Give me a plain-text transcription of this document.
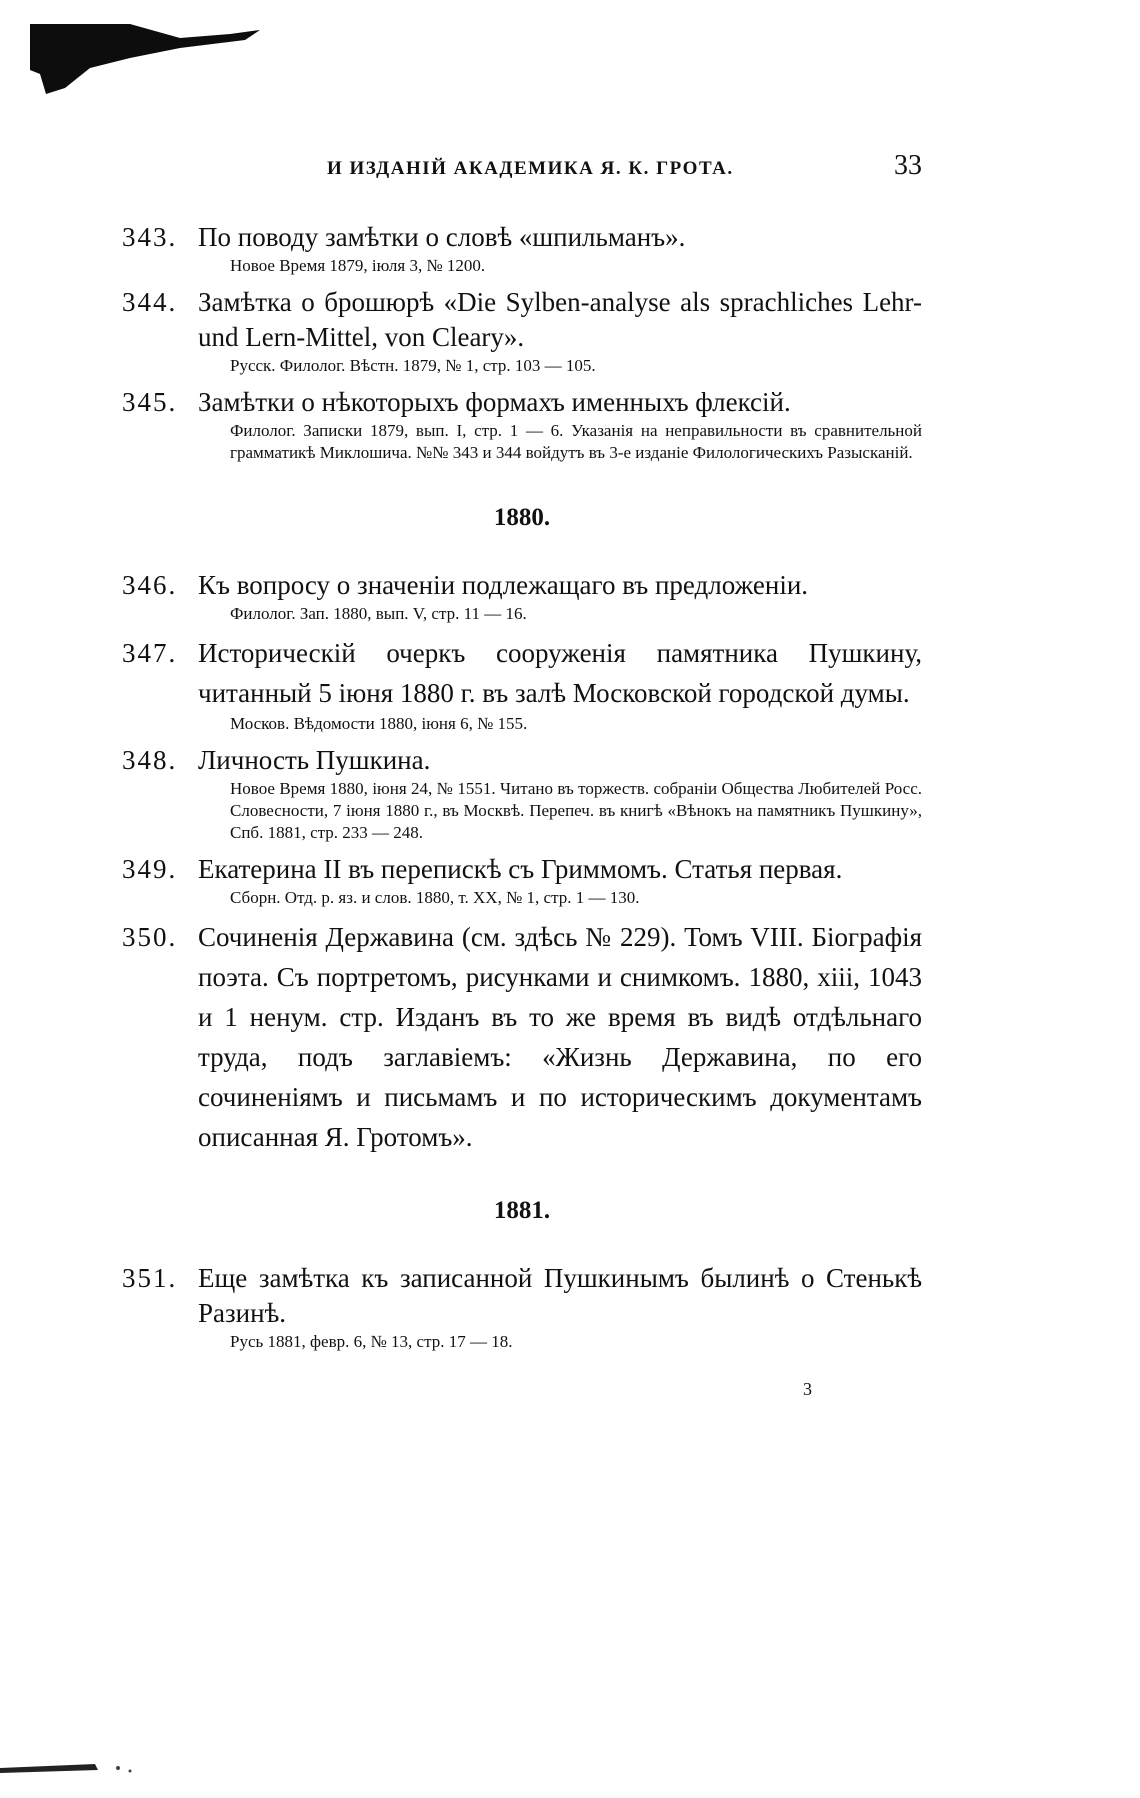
И ИЗДАНІЙ АКАДЕМИКА Я. К. ГРОТА.	33
343. По поводу замѣтки о словѣ «шпильманъ».
Новое Время 1879, іюля 3, № 1200.
344. Замѣтка о брошюрѣ «Die Sylben-analyse als sprachliches Lehr- und Lern-Mittel, von Cleary».
Русск. Филолог. Вѣстн. 1879, № 1, стр. 103 — 105.
345. Замѣтки о нѣкоторыхъ формахъ именныхъ флексій.
Филолог. Записки 1879, вып. I, стр. 1 — 6. Указанія на неправильности въ сравнительной грамматикѣ Миклошича. №№ 343 и 344 войдутъ въ 3-е изданіе Филологическихъ Разысканій.
1880.
346. Къ вопросу о значеніи подлежащаго въ предложеніи.
Филолог. Зап. 1880, вып. V, стр. 11 — 16.
347. Историческій очеркъ сооруженія памятника Пушкину, читанный 5 іюня 1880 г. въ залѣ Московской городской думы.
Москов. Вѣдомости 1880, іюня 6, № 155.
348. Личность Пушкина.
Новое Время 1880, іюня 24, № 1551. Читано въ торжеств. собраніи Общества Любителей Росс. Словесности, 7 іюня 1880 г., въ Москвѣ. Перепеч. въ книгѣ «Вѣнокъ на памятникъ Пушкину», Спб. 1881, стр. 233 — 248.
349. Екатерина II въ перепискѣ съ Гриммомъ. Статья первая.
Сборн. Отд. р. яз. и слов. 1880, т. XX, № 1, стр. 1 — 130.
350. Сочиненія Державина (см. здѣсь № 229). Томъ VIII. Біографія поэта. Съ портретомъ, рисунками и снимкомъ. 1880, xiii, 1043 и 1 ненум. стр. Изданъ въ то же время въ видѣ отдѣльнаго труда, подъ заглавіемъ: «Жизнь Державина, по его сочиненіямъ и письмамъ и по историческимъ документамъ описанная Я. Гротомъ».
1881.
351. Еще замѣтка къ записанной Пушкинымъ былинѣ о Стенькѣ Разинѣ.
Русь 1881, февр. 6, № 13, стр. 17 — 18.
3
